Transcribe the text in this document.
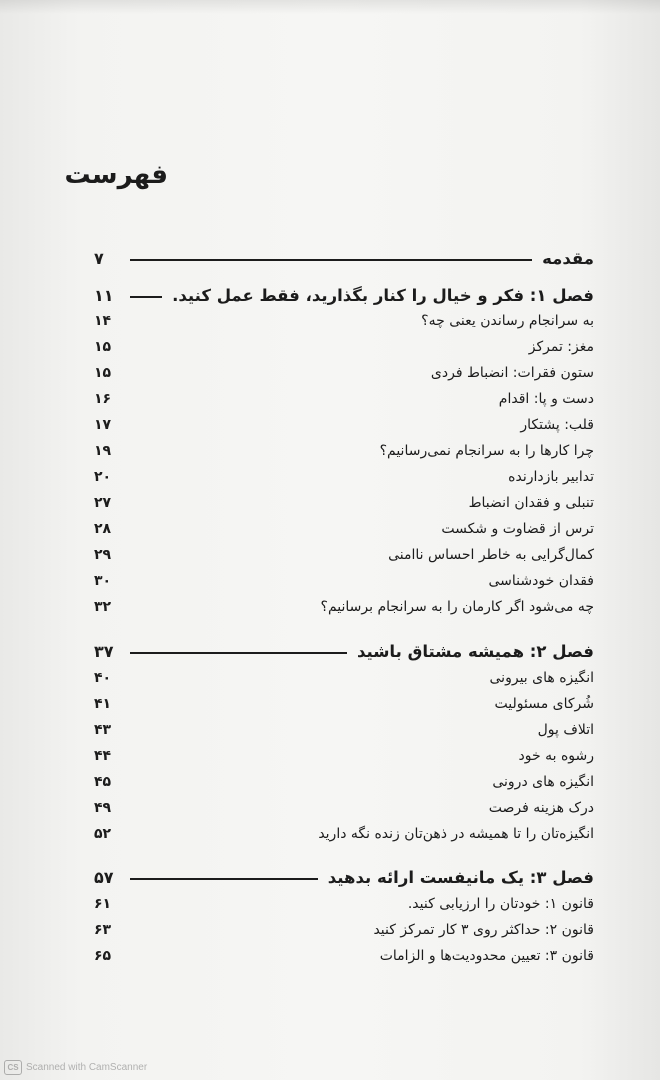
فهرست
مقدمه
۷
فصل ۱: فکر و خیال را کنار بگذارید، فقط عمل کنید.
۱۱
به سرانجام رساندن یعنی چه؟
۱۴
مغز: تمرکز
۱۵
ستون فقرات: انضباط فردی
۱۵
دست و پا: اقدام
۱۶
قلب: پشتکار
۱۷
چرا کارها را به سرانجام نمی‌رسانیم؟
۱۹
تدابیر بازدارنده
۲۰
تنبلی و فقدان انضباط
۲۷
ترس از قضاوت و شکست
۲۸
کمال‌گرایی به خاطر احساس ناامنی
۲۹
فقدان خودشناسی
۳۰
چه می‌شود اگر کارمان را به سرانجام برسانیم؟
۳۲
فصل ۲: همیشه مشتاق باشید
۳۷
انگیزه های بیرونی
۴۰
شُرکای مسئولیت
۴۱
اتلاف پول
۴۳
رشوه به خود
۴۴
انگیزه های درونی
۴۵
درک هزینه فرصت
۴۹
انگیزه‌تان را تا همیشه در ذهن‌تان زنده نگه دارید
۵۲
فصل ۳: یک مانیفست ارائه بدهید
۵۷
قانون ۱: خودتان را ارزیابی کنید.
۶۱
قانون ۲: حداکثر روی ۳ کار تمرکز کنید
۶۳
قانون ۳: تعیین محدودیت‌ها و الزامات
۶۵
CS Scanned with CamScanner
